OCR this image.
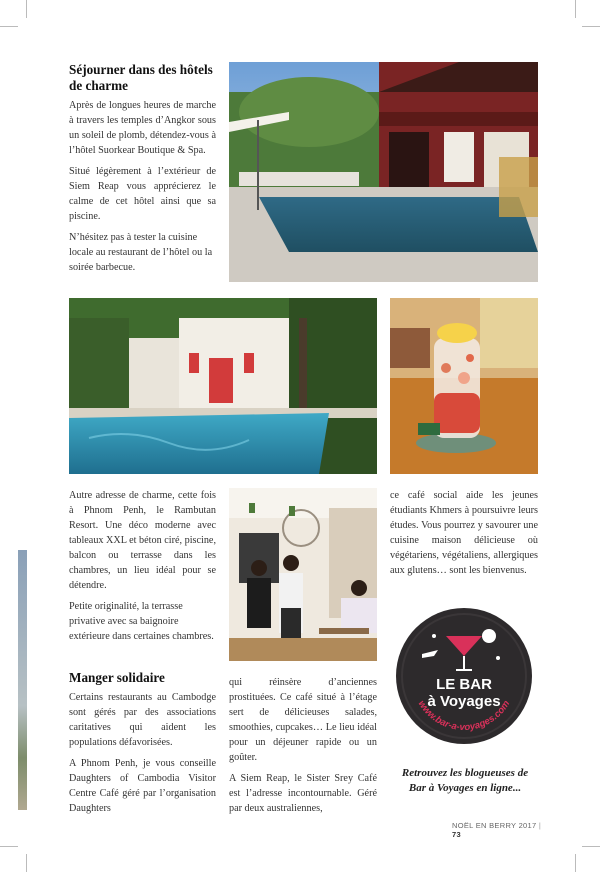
Séjourner dans des hôtels de charme

Après de longues heures de marche à travers les temples d’Angkor sous un soleil de plomb, détendez-vous à l’hôtel Suorkear Boutique & Spa.

Situé légèrement à l’extérieur de Siem Reap vous apprécierez le calme de cet hôtel ainsi que sa piscine.

N’hésitez pas à tester la cuisine locale au restaurant de l’hôtel ou la soirée barbecue.

Autre adresse de charme, cette fois à Phnom Penh, le Rambutan Resort. Une déco moderne avec tableaux XXL et béton ciré, piscine, balcon ou terrasse dans les chambres, un lieu idéal pour se détendre.

Petite originalité, la terrasse privative avec sa baignoire extérieure dans certaines chambres.

Manger solidaire

Certains restaurants au Cambodge sont gérés par des associations caritatives qui aident les populations défavorisées.

A Phnom Penh, je vous conseille Daughters of Cambodia Visitor Centre Café géré par l’organisation Daughters

qui réinsère d’anciennes prostituées. Ce café situé à l’étage sert de délicieuses salades, smoothies, cupcakes… Le lieu idéal pour un déjeuner rapide ou un goûter.

A Siem Reap, le Sister Srey Café est l’adresse incontournable. Géré par deux australiennes,

ce café social aide les jeunes étudiants Khmers à poursuivre leurs études. Vous pourrez y savourer une cuisine maison délicieuse où végétariens, végétaliens, allergiques aux glutens… sont les bienvenus.

LE BAR
à Voyages
www.bar-a-voyages.com
Retrouvez les blogueuses de Bar à Voyages en ligne...
NOËL EN BERRY 2017 | 73
